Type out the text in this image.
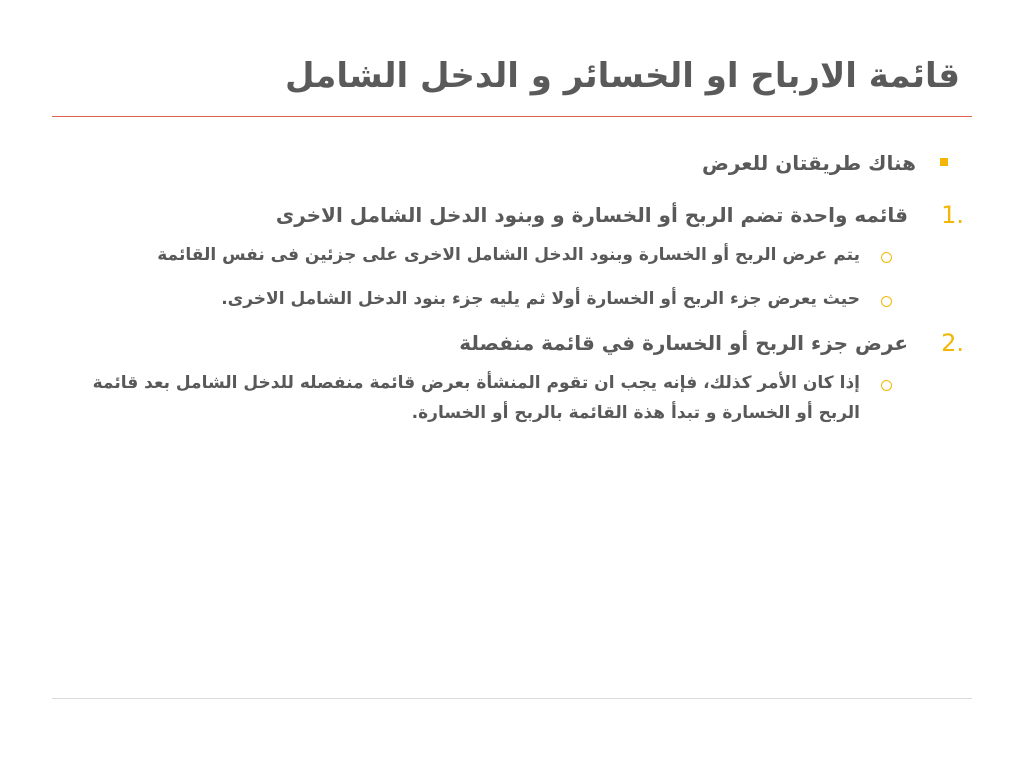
قائمة الارباح او الخسائر و الدخل الشامل
هناك طريقتان للعرض
1.
قائمه واحدة تضم الربح أو الخسارة و وبنود الدخل الشامل الاخرى
يتم عرض الربح أو الخسارة وبنود الدخل الشامل الاخرى على جزئين فى نفس القائمة
حيث يعرض جزء الربح أو الخسارة أولا ثم يليه جزء بنود الدخل الشامل الاخرى.
2.
عرض جزء الربح أو الخسارة في قائمة منفصلة
إذا كان الأمر كذلك، فإنه يجب ان تقوم المنشأة بعرض قائمة منفصله للدخل الشامل بعد قائمة الربح أو الخسارة و تبدأ هذة القائمة بالربح أو الخسارة.
